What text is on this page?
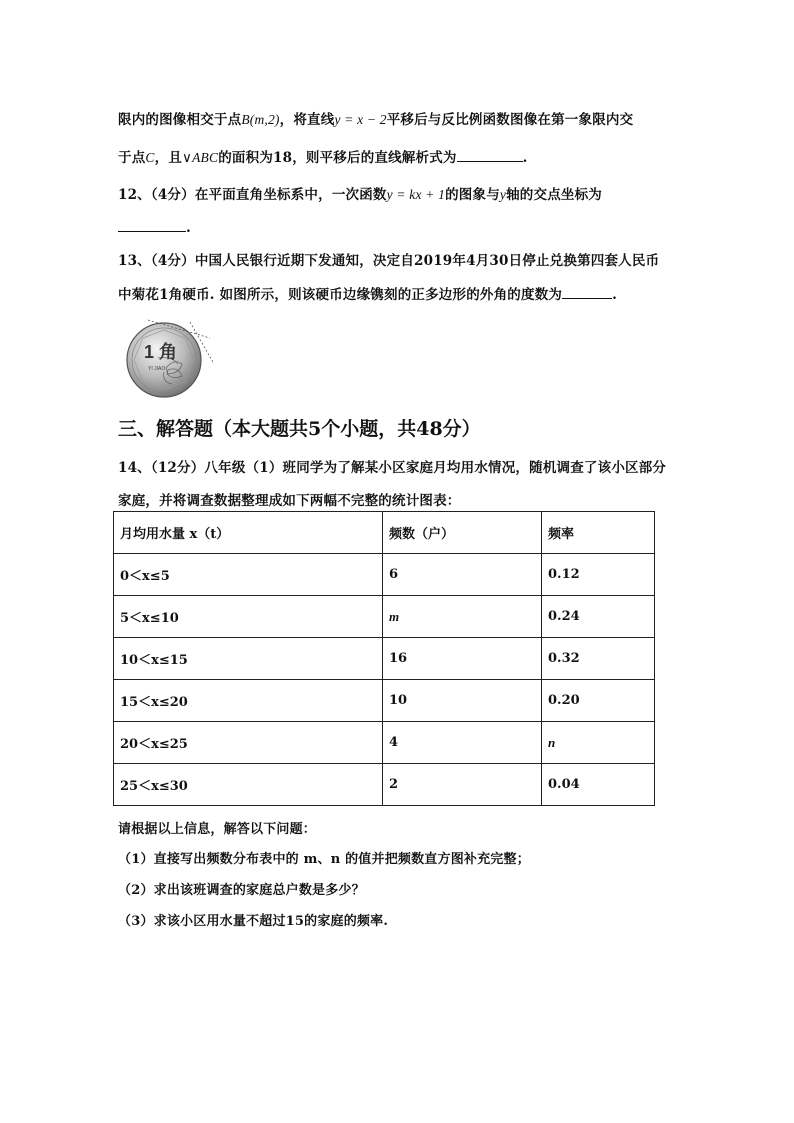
限内的图像相交于点B(m,2)，将直线y = x − 2平移后与反比例函数图像在第一象限内交
于点C，且∨ABC的面积为18，则平移后的直线解析式为	.
12、（4分）在平面直角坐标系中，一次函数y = kx + 1的图象与y轴的交点坐标为
.
13、（4分）中国人民银行近期下发通知，决定自2019年4月30日停止兑换第四套人民币
中菊花1角硬币. 如图所示，则该硬币边缘镌刻的正多边形的外角的度数为	.
1 角
YI JIAO
三、解答题（本大题共5个小题，共48分）
14、（12分）八年级（1）班同学为了解某小区家庭月均用水情况，随机调查了该小区部分
家庭，并将调查数据整理成如下两幅不完整的统计图表：
月均用水量 x（t）	频数（户）	频率
0＜x≤5	6	0.12
5＜x≤10	m	0.24
10＜x≤15	16	0.32
15＜x≤20	10	0.20
20＜x≤25	4	n
25＜x≤30	2	0.04
请根据以上信息，解答以下问题：
（1）直接写出频数分布表中的 m、n 的值并把频数直方图补充完整；
（2）求出该班调查的家庭总户数是多少？
（3）求该小区用水量不超过15的家庭的频率.
